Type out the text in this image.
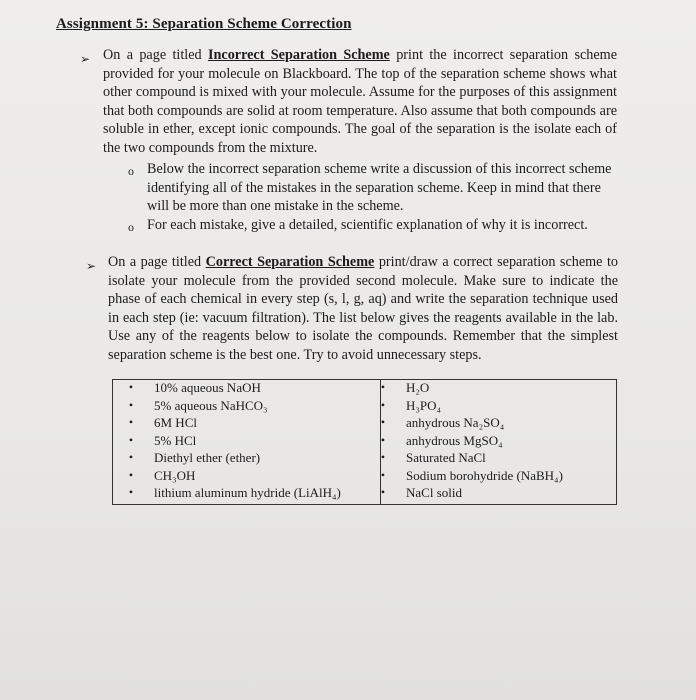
Assignment 5: Separation Scheme Correction
➢ On a page titled Incorrect Separation Scheme print the incorrect separation scheme provided for your molecule on Blackboard. The top of the separation scheme shows what other compound is mixed with your molecule. Assume for the purposes of this assignment that both compounds are solid at room temperature. Also assume that both compounds are soluble in ether, except ionic compounds. The goal of the separation is the isolate each of the two compounds from the mixture.
o Below the incorrect separation scheme write a discussion of this incorrect scheme identifying all of the mistakes in the separation scheme. Keep in mind that there will be more than one mistake in the scheme.
o For each mistake, give a detailed, scientific explanation of why it is incorrect.
➢ On a page titled Correct Separation Scheme print/draw a correct separation scheme to isolate your molecule from the provided second molecule. Make sure to indicate the phase of each chemical in every step (s, l, g, aq) and write the separation technique used in each step (ie: vacuum filtration). The list below gives the reagents available in the lab. Use any of the reagents below to isolate the compounds. Remember that the simplest separation scheme is the best one. Try to avoid unnecessary steps.
•	10% aqueous NaOH	•	H₂O
•	5% aqueous NaHCO₃	•	H₃PO₄
•	6M HCl	•	anhydrous Na₂SO₄
•	5% HCl	•	anhydrous MgSO₄
•	Diethyl ether (ether)	•	Saturated NaCl
•	CH₃OH	•	Sodium borohydride (NaBH₄)
•	lithium aluminum hydride (LiAlH₄)	•	NaCl solid
